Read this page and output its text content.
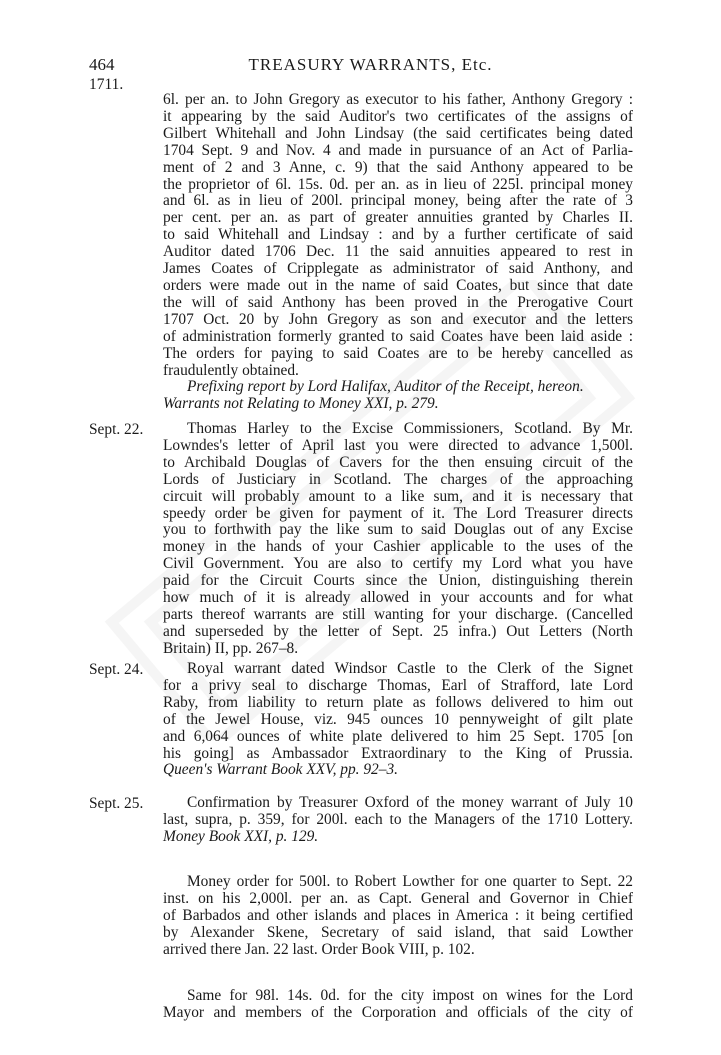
464	TREASURY WARRANTS, Etc.
1711.
6l. per an. to John Gregory as executor to his father, Anthony Gregory :
it appearing by the said Auditor's two certificates of the assigns of
Gilbert Whitehall and John Lindsay (the said certificates being dated
1704 Sept. 9 and Nov. 4 and made in pursuance of an Act of Parlia-
ment of 2 and 3 Anne, c. 9) that the said Anthony appeared to be
the proprietor of 6l. 15s. 0d. per an. as in lieu of 225l. principal money
and 6l. as in lieu of 200l. principal money, being after the rate of 3
per cent. per an. as part of greater annuities granted by Charles II.
to said Whitehall and Lindsay : and by a further certificate of said
Auditor dated 1706 Dec. 11 the said annuities appeared to rest in
James Coates of Cripplegate as administrator of said Anthony, and
orders were made out in the name of said Coates, but since that date
the will of said Anthony has been proved in the Prerogative Court
1707 Oct. 20 by John Gregory as son and executor and the letters
of administration formerly granted to said Coates have been laid aside :
The orders for paying to said Coates are to be hereby cancelled as
fraudulently obtained.
Prefixing report by Lord Halifax, Auditor of the Receipt, hereon.
Warrants not Relating to Money XXI, p. 279.
Sept. 22.	Thomas Harley to the Excise Commissioners, Scotland. By Mr.
Lowndes's letter of April last you were directed to advance 1,500l.
to Archibald Douglas of Cavers for the then ensuing circuit of the
Lords of Justiciary in Scotland. The charges of the approaching
circuit will probably amount to a like sum, and it is necessary that
speedy order be given for payment of it. The Lord Treasurer directs
you to forthwith pay the like sum to said Douglas out of any Excise
money in the hands of your Cashier applicable to the uses of the
Civil Government. You are also to certify my Lord what you have
paid for the Circuit Courts since the Union, distinguishing therein
how much of it is already allowed in your accounts and for what
parts thereof warrants are still wanting for your discharge. (Cancelled
and superseded by the letter of Sept. 25 infra.) Out Letters (North
Britain) II, pp. 267–8.
Sept. 24.	Royal warrant dated Windsor Castle to the Clerk of the Signet
for a privy seal to discharge Thomas, Earl of Strafford, late Lord
Raby, from liability to return plate as follows delivered to him out
of the Jewel House, viz. 945 ounces 10 pennyweight of gilt plate
and 6,064 ounces of white plate delivered to him 25 Sept. 1705 [on
his going] as Ambassador Extraordinary to the King of Prussia.
Queen's Warrant Book XXV, pp. 92–3.
Sept. 25.	Confirmation by Treasurer Oxford of the money warrant of July 10
last, supra, p. 359, for 200l. each to the Managers of the 1710 Lottery.
Money Book XXI, p. 129.
Money order for 500l. to Robert Lowther for one quarter to Sept. 22
inst. on his 2,000l. per an. as Capt. General and Governor in Chief
of Barbados and other islands and places in America : it being certified
by Alexander Skene, Secretary of said island, that said Lowther
arrived there Jan. 22 last. Order Book VIII, p. 102.
Same for 98l. 14s. 0d. for the city impost on wines for the Lord
Mayor and members of the Corporation and officials of the city of
